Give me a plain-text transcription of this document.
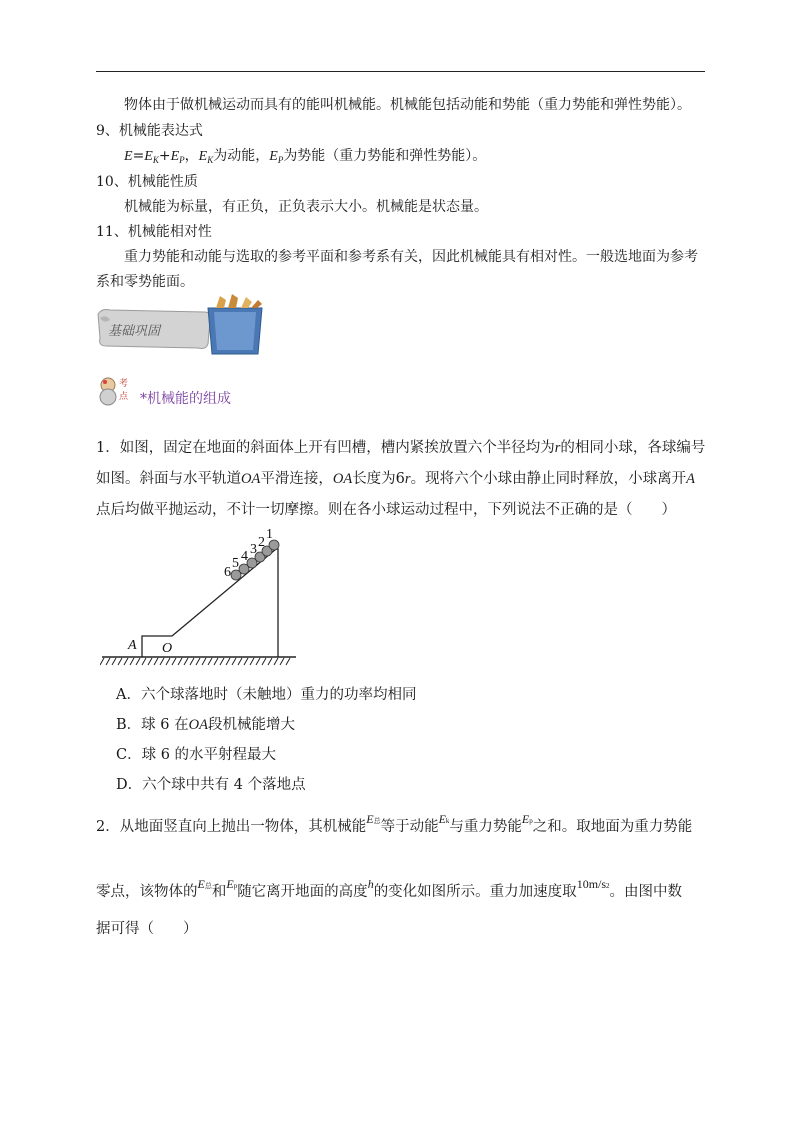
物体由于做机械运动而具有的能叫机械能。机械能包括动能和势能（重力势能和弹性势能）。
9、机械能表达式
$E=E_K+E_P$，$E_K$为动能，$E_P$为势能（重力势能和弹性势能）。
10、机械能性质
机械能为标量，有正负，正负表示大小。机械能是状态量。
11、机械能相对性
重力势能和动能与选取的参考平面和参考系有关，因此机械能具有相对性。一般选地面为参考
系和零势能面。
基础巩固
考
点 *机械能的组成
1．如图，固定在地面的斜面体上开有凹槽，槽内紧挨放置六个半径均为r的相同小球，各球编号
如图。斜面与水平轨道OA平滑连接，OA长度为6r。现将六个小球由静止同时释放，小球离开A
点后均做平抛运动，不计一切摩擦。则在各小球运动过程中，下列说法不正确的是（　　）
6
5 4 3 2
1
A O
A．六个球落地时（未触地）重力的功率均相同
B．球 6 在OA段机械能增大
C．球 6 的水平射程最大
D．六个球中共有 4 个落地点
2．从地面竖直向上抛出一物体，其机械能$^{E总}$等于动能$^{Ek}$与重力势能$^{Ep}$之和。取地面为重力势能
零点，该物体的$^{E总}$和$^{Ep}$随它离开地面的高度$^h$的变化如图所示。重力加速度取$^{10m/s2}$。由图中数
据可得（　　）
